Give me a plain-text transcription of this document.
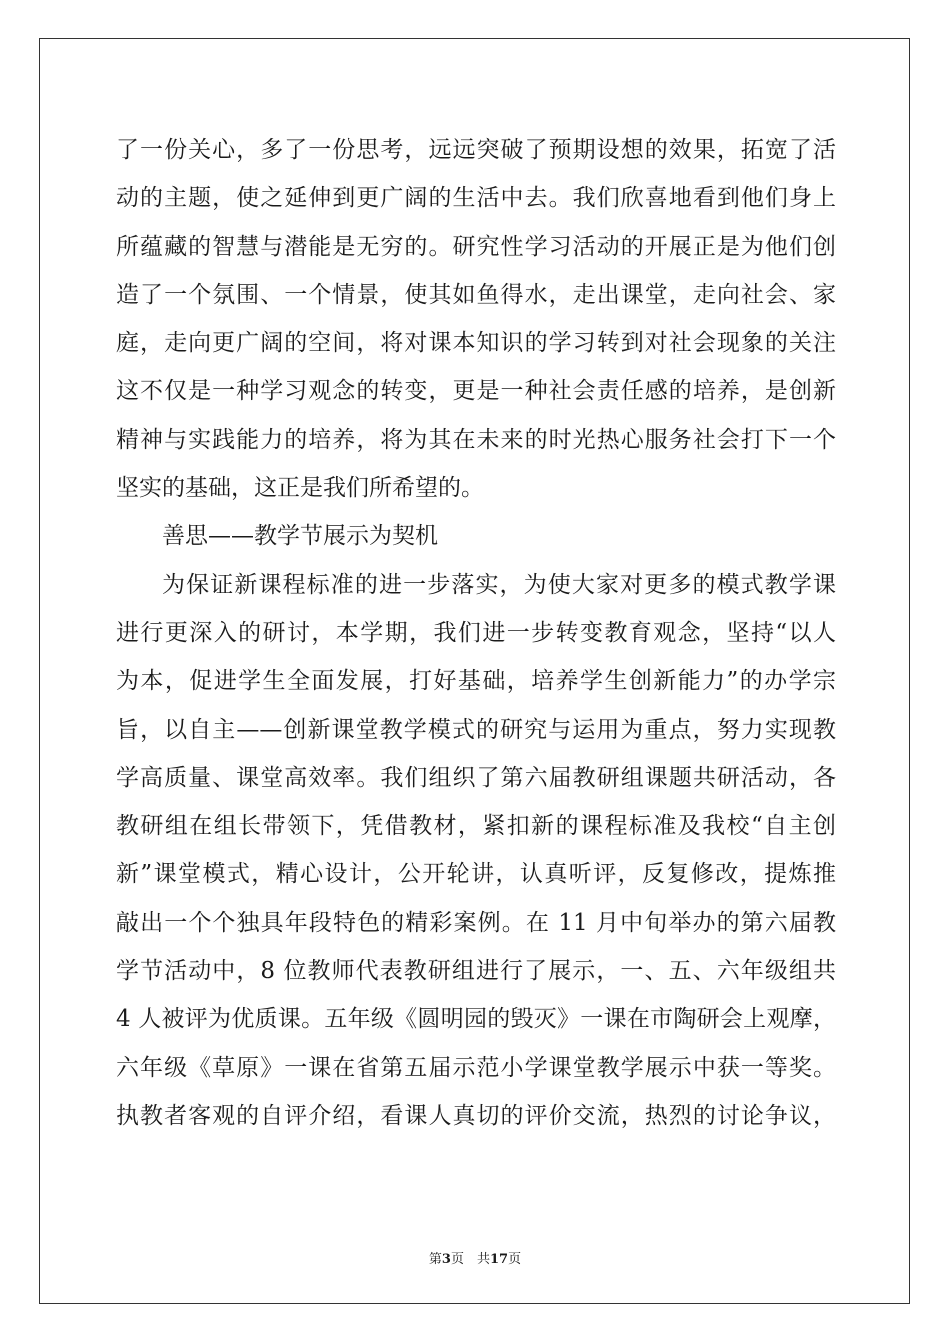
了一份关心，多了一份思考，远远突破了预期设想的效果，拓宽了活
动的主题，使之延伸到更广阔的生活中去。我们欣喜地看到他们身上
所蕴藏的智慧与潜能是无穷的。研究性学习活动的开展正是为他们创
造了一个氛围、一个情景，使其如鱼得水，走出课堂，走向社会、家
庭，走向更广阔的空间，将对课本知识的学习转到对社会现象的关注
这不仅是一种学习观念的转变，更是一种社会责任感的培养，是创新
精神与实践能力的培养，将为其在未来的时光热心服务社会打下一个
坚实的基础，这正是我们所希望的。
善思——教学节展示为契机
为保证新课程标准的进一步落实，为使大家对更多的模式教学课
进行更深入的研讨，本学期，我们进一步转变教育观念，坚持“以人
为本，促进学生全面发展，打好基础，培养学生创新能力”的办学宗
旨，以自主——创新课堂教学模式的研究与运用为重点，努力实现教
学高质量、课堂高效率。我们组织了第六届教研组课题共研活动，各
教研组在组长带领下，凭借教材，紧扣新的课程标准及我校“自主创
新”课堂模式，精心设计，公开轮讲，认真听评，反复修改，提炼推
敲出一个个独具年段特色的精彩案例。在 11 月中旬举办的第六届教
学节活动中，8 位教师代表教研组进行了展示，一、五、六年级组共
4 人被评为优质课。五年级《圆明园的毁灭》一课在市陶研会上观摩，
六年级《草原》一课在省第五届示范小学课堂教学展示中获一等奖。
执教者客观的自评介绍，看课人真切的评价交流，热烈的讨论争议，
第3页　共17页
